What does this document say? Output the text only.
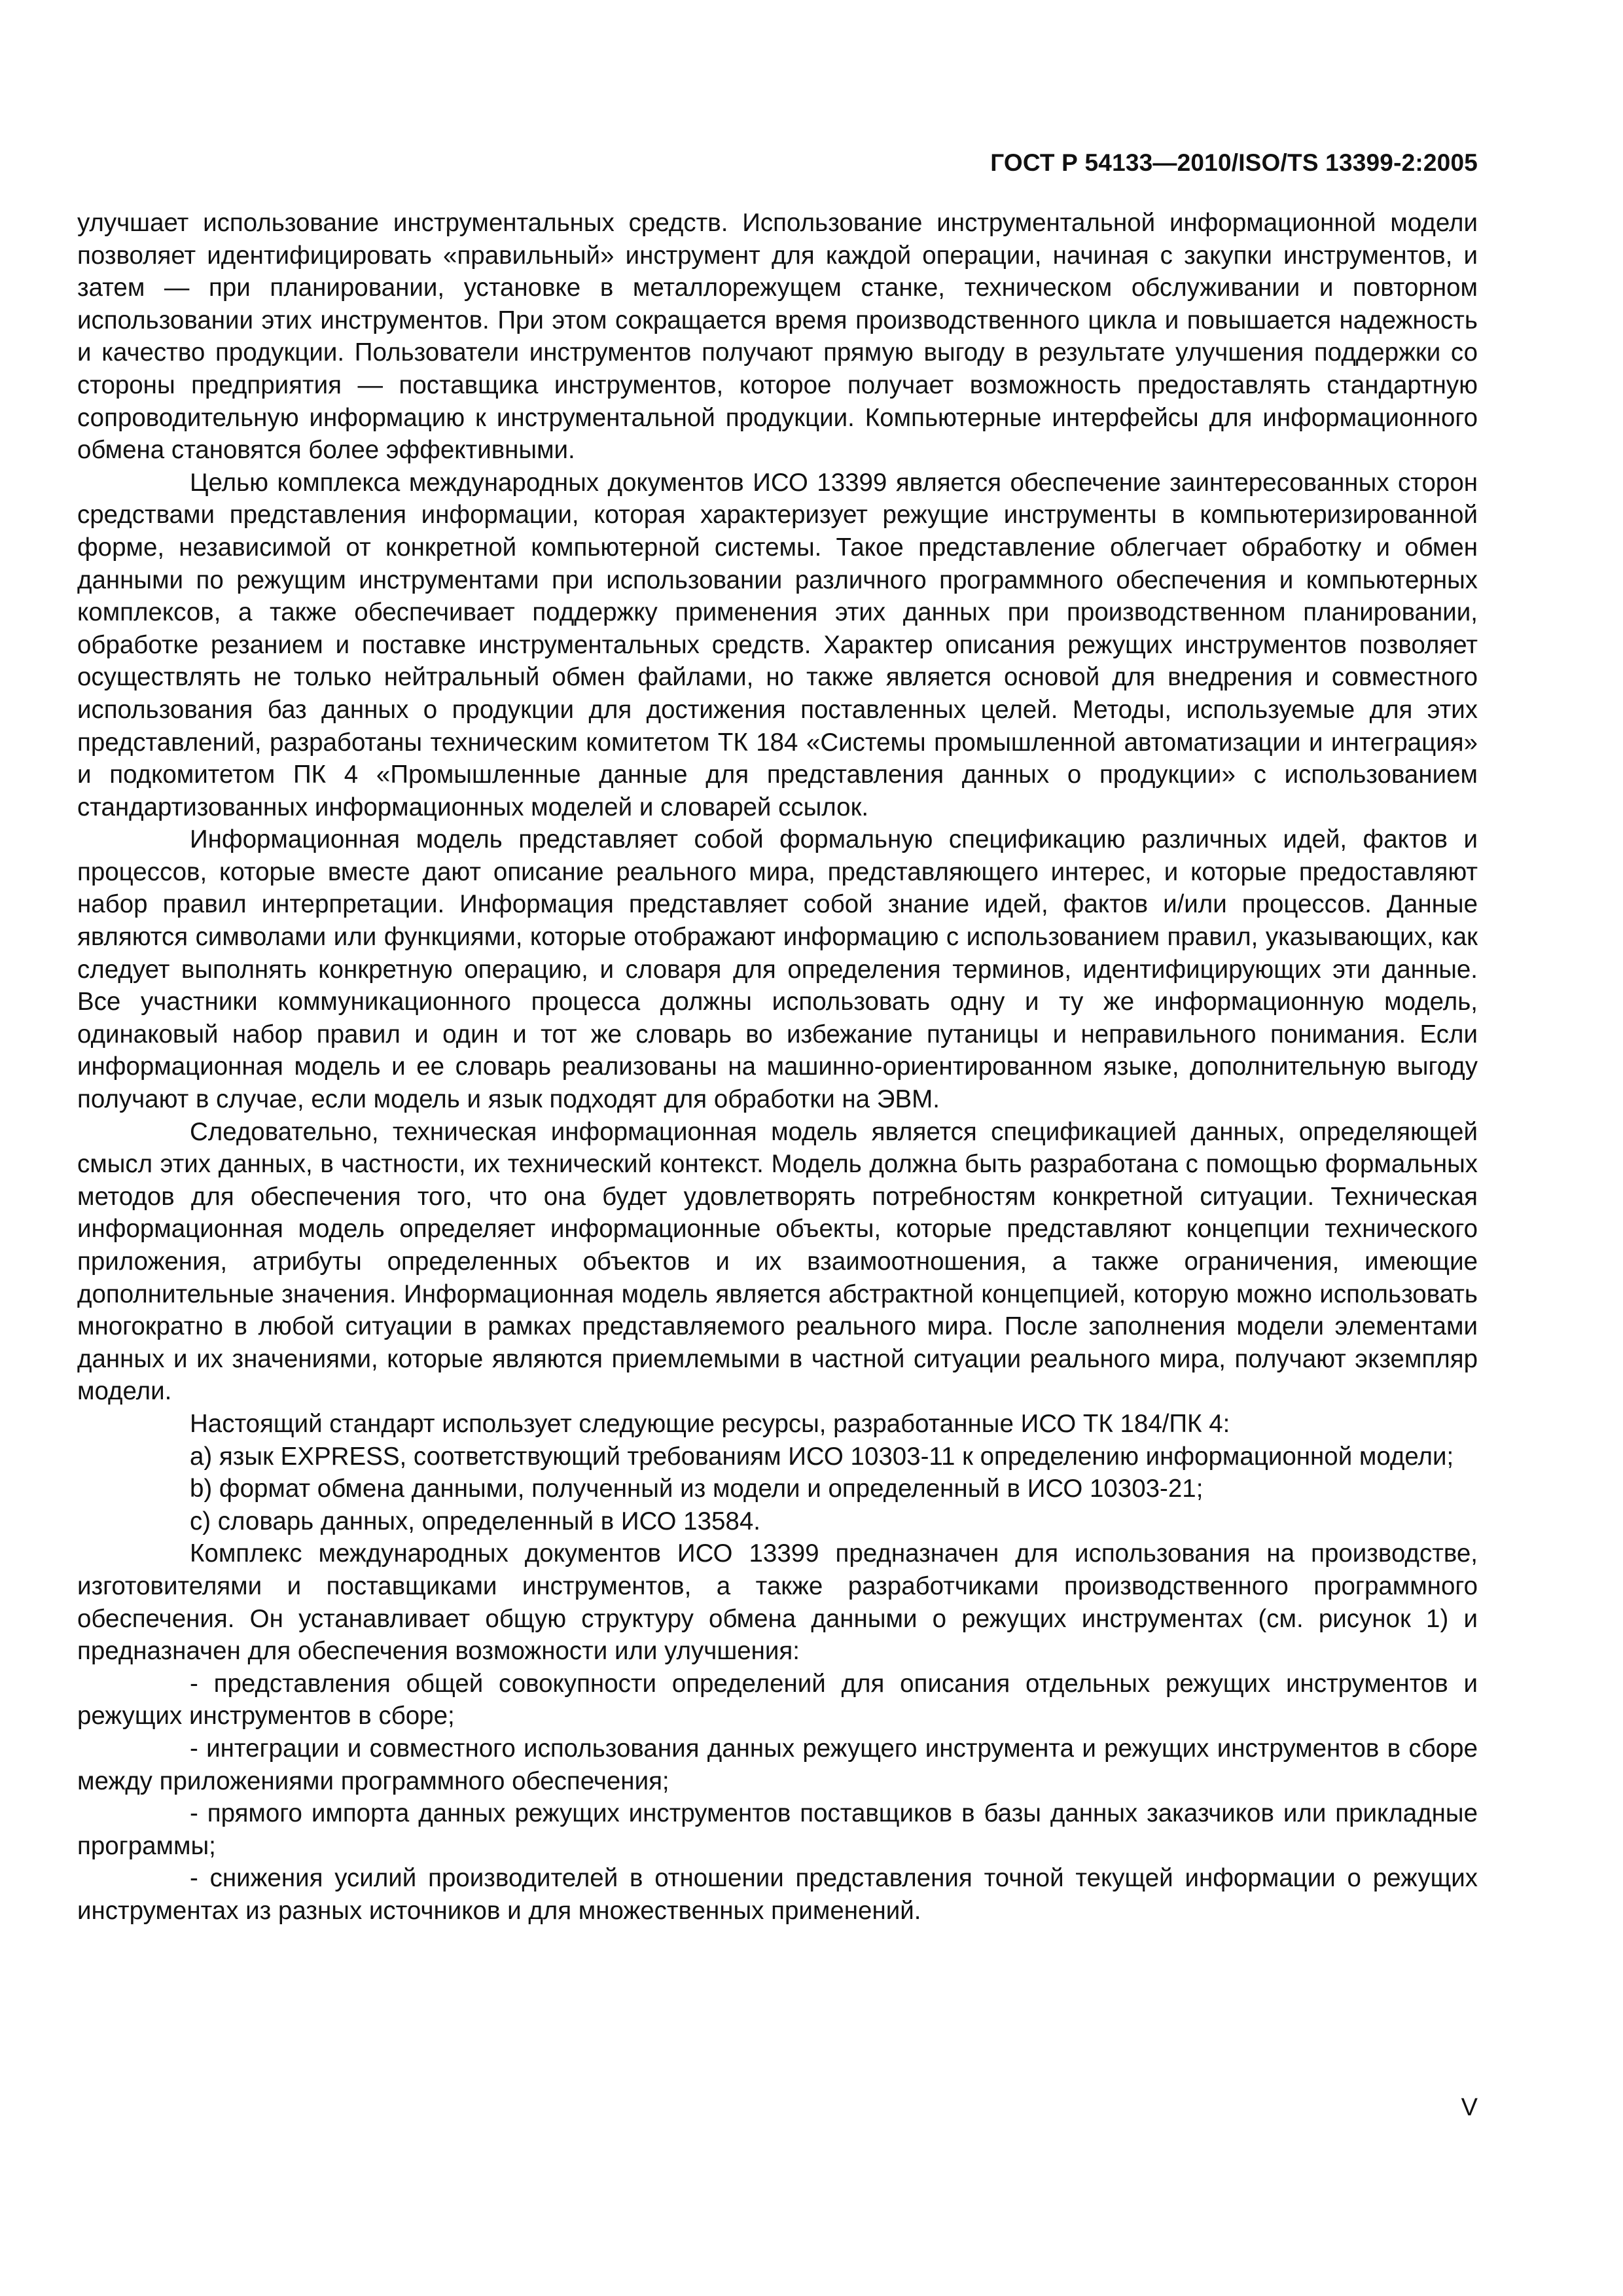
ГОСТ Р 54133—2010/ISO/TS 13399-2:2005

улучшает использование инструментальных средств. Использование инструментальной информационной модели позволяет идентифицировать «правильный» инструмент для каждой операции, начиная с закупки инструментов, и затем — при планировании, установке в металлорежущем станке, техническом обслуживании и повторном использовании этих инструментов. При этом сокращается время производственного цикла и повышается надежность и качество продукции. Пользователи инструментов получают прямую выгоду в результате улучшения поддержки со стороны предприятия — поставщика инструментов, которое получает возможность предоставлять стандартную сопроводительную информацию к инструментальной продукции. Компьютерные интерфейсы для информационного обмена становятся более эффективными.

Целью комплекса международных документов ИСО 13399 является обеспечение заинтересованных сторон средствами представления информации, которая характеризует режущие инструменты в компьютеризированной форме, независимой от конкретной компьютерной системы. Такое представление облегчает обработку и обмен данными по режущим инструментами при использовании различного программного обеспечения и компьютерных комплексов, а также обеспечивает поддержку применения этих данных при производственном планировании, обработке резанием и поставке инструментальных средств. Характер описания режущих инструментов позволяет осуществлять не только нейтральный обмен файлами, но также является основой для внедрения и совместного использования баз данных о продукции для достижения поставленных целей. Методы, используемые для этих представлений, разработаны техническим комитетом ТК 184 «Системы промышленной автоматизации и интеграция» и подкомитетом ПК 4 «Промышленные данные для представления данных о продукции» с использованием стандартизованных информационных моделей и словарей ссылок.

Информационная модель представляет собой формальную спецификацию различных идей, фактов и процессов, которые вместе дают описание реального мира, представляющего интерес, и которые предоставляют набор правил интерпретации. Информация представляет собой знание идей, фактов и/или процессов. Данные являются символами или функциями, которые отображают информацию с использованием правил, указывающих, как следует выполнять конкретную операцию, и словаря для определения терминов, идентифицирующих эти данные. Все участники коммуникационного процесса должны использовать одну и ту же информационную модель, одинаковый набор правил и один и тот же словарь во избежание путаницы и неправильного понимания. Если информационная модель и ее словарь реализованы на машинно-ориентированном языке, дополнительную выгоду получают в случае, если модель и язык подходят для обработки на ЭВМ.

Следовательно, техническая информационная модель является спецификацией данных, определяющей смысл этих данных, в частности, их технический контекст. Модель должна быть разработана с помощью формальных методов для обеспечения того, что она будет удовлетворять потребностям конкретной ситуации. Техническая информационная модель определяет информационные объекты, которые представляют концепции технического приложения, атрибуты определенных объектов и их взаимоотношения, а также ограничения, имеющие дополнительные значения. Информационная модель является абстрактной концепцией, которую можно использовать многократно в любой ситуации в рамках представляемого реального мира. После заполнения модели элементами данных и их значениями, которые являются приемлемыми в частной ситуации реального мира, получают экземпляр модели.

Настоящий стандарт использует следующие ресурсы, разработанные ИСО ТК 184/ПК 4:

a) язык EXPRESS, соответствующий требованиям ИСО 10303-11 к определению информационной модели;

b) формат обмена данными, полученный из модели и определенный в ИСО 10303-21;

c) словарь данных, определенный в ИСО 13584.

Комплекс международных документов ИСО 13399 предназначен для использования на производстве, изготовителями и поставщиками инструментов, а также разработчиками производственного программного обеспечения. Он устанавливает общую структуру обмена данными о режущих инструментах (см. рисунок 1) и предназначен для обеспечения возможности или улучшения:

- представления общей совокупности определений для описания отдельных режущих инструментов и режущих инструментов в сборе;

- интеграции и совместного использования данных режущего инструмента и режущих инструментов в сборе между приложениями программного обеспечения;

- прямого импорта данных режущих инструментов поставщиков в базы данных заказчиков или прикладные программы;

- снижения усилий производителей в отношении представления точной текущей информации о режущих инструментах из разных источников и для множественных применений.

V
